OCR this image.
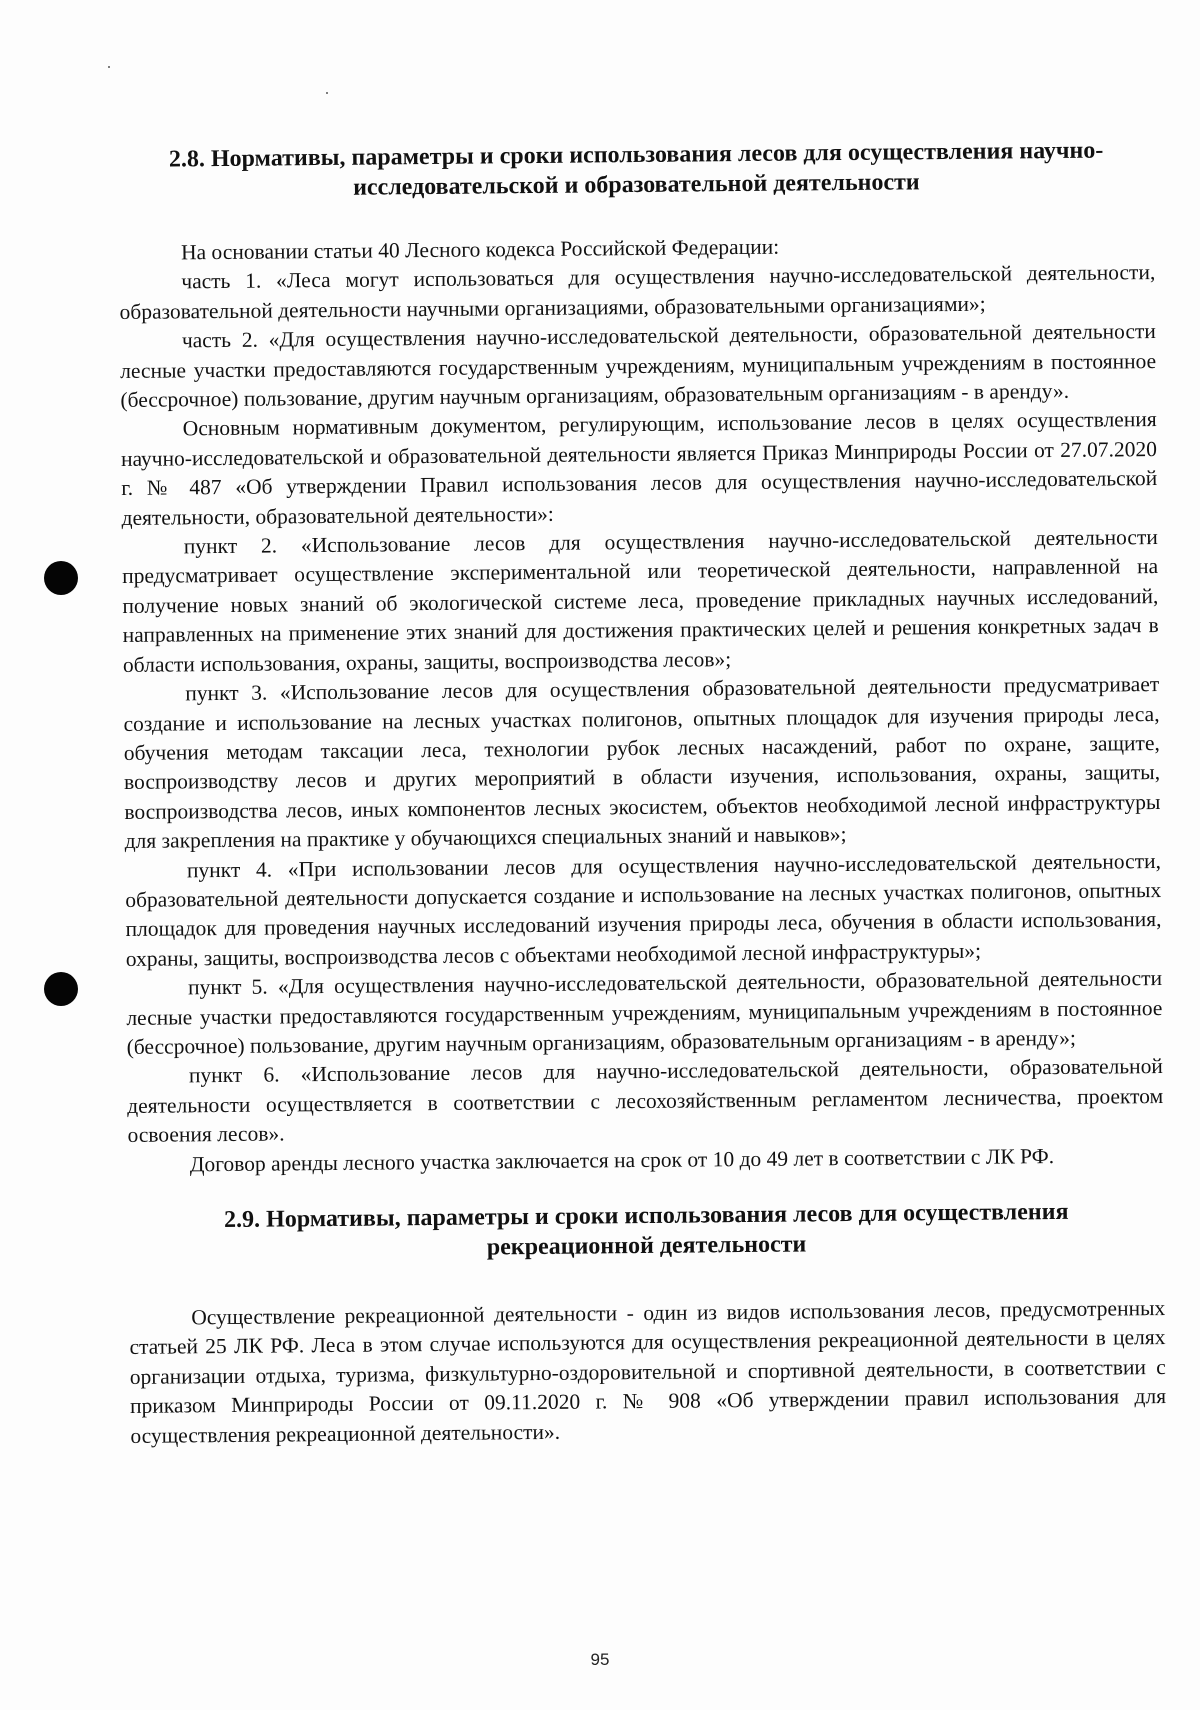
2.8. Нормативы, параметры и сроки использования лесов для осуществления научно-
исследовательской и образовательной деятельности

На основании статьи 40 Лесного кодекса Российской Федерации:

часть 1. «Леса могут использоваться для осуществления научно-исследовательской деятельности, образовательной деятельности научными организациями, образовательными организациями»;

часть 2. «Для осуществления научно-исследовательской деятельности, образовательной деятельности лесные участки предоставляются государственным учреждениям, муниципальным учреждениям в постоянное (бессрочное) пользование, другим научным организациям, образовательным организациям - в аренду».

Основным нормативным документом, регулирующим, использование лесов в целях осуществления научно-исследовательской и образовательной деятельности является Приказ Минприроды России от 27.07.2020 г. № 487 «Об утверждении Правил использования лесов для осуществления научно-исследовательской деятельности, образовательной деятельности»:

пункт 2. «Использование лесов для осуществления научно-исследовательской деятельности предусматривает осуществление экспериментальной или теоретической деятельности, направленной на получение новых знаний об экологической системе леса, проведение прикладных научных исследований, направленных на применение этих знаний для достижения практических целей и решения конкретных задач в области использования, охраны, защиты, воспроизводства лесов»;

пункт 3. «Использование лесов для осуществления образовательной деятельности предусматривает создание и использование на лесных участках полигонов, опытных площадок для изучения природы леса, обучения методам таксации леса, технологии рубок лесных насаждений, работ по охране, защите, воспроизводству лесов и других мероприятий в области изучения, использования, охраны, защиты, воспроизводства лесов, иных компонентов лесных экосистем, объектов необходимой лесной инфраструктуры для закрепления на практике у обучающихся специальных знаний и навыков»;

пункт 4. «При использовании лесов для осуществления научно-исследовательской деятельности, образовательной деятельности допускается создание и использование на лесных участках полигонов, опытных площадок для проведения научных исследований изучения природы леса, обучения в области использования, охраны, защиты, воспроизводства лесов с объектами необходимой лесной инфраструктуры»;

пункт 5. «Для осуществления научно-исследовательской деятельности, образовательной деятельности лесные участки предоставляются государственным учреждениям, муниципальным учреждениям в постоянное (бессрочное) пользование, другим научным организациям, образовательным организациям - в аренду»;

пункт 6. «Использование лесов для научно-исследовательской деятельности, образовательной деятельности осуществляется в соответствии с лесохозяйственным регламентом лесничества, проектом освоения лесов».

Договор аренды лесного участка заключается на срок от 10 до 49 лет в соответствии с ЛК РФ.

2.9. Нормативы, параметры и сроки использования лесов для осуществления
рекреационной деятельности

Осуществление рекреационной деятельности - один из видов использования лесов, предусмотренных статьей 25 ЛК РФ. Леса в этом случае используются для осуществления рекреационной деятельности в целях организации отдыха, туризма, физкультурно-оздоровительной и спортивной деятельности, в соответствии с приказом Минприроды России от 09.11.2020 г. № 908 «Об утверждении правил использования для осуществления рекреационной деятельности».

95
